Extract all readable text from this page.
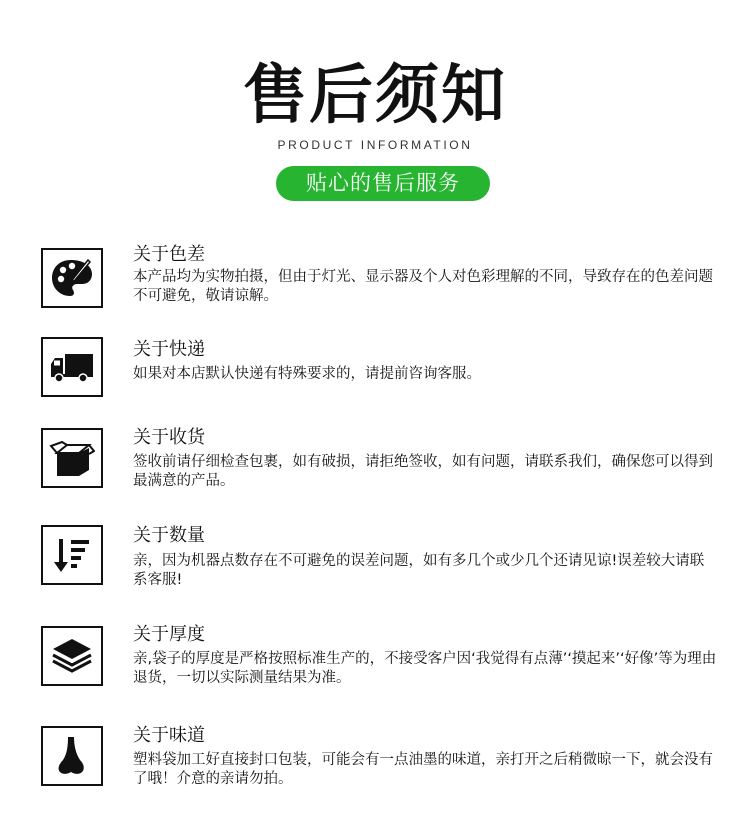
售后须知
PRODUCT INFORMATION
贴心的售后服务
关于色差
本产品均为实物拍摄，但由于灯光、显示器及个人对色彩理解的不同，导致存在的色差问题不可避免，敬请谅解。
关于快递
如果对本店默认快递有特殊要求的，请提前咨询客服。
关于收货
签收前请仔细检查包裹，如有破损，请拒绝签收，如有问题，请联系我们，确保您可以得到最满意的产品。
关于数量
亲，因为机器点数存在不可避免的误差问题，如有多几个或少几个还请见谅!误差较大请联系客服!
关于厚度
亲,袋子的厚度是严格按照标准生产的，不接受客户因‘我觉得有点薄’‘摸起来’‘好像’等为理由退货，一切以实际测量结果为准。
关于味道
塑料袋加工好直接封口包装，可能会有一点油墨的味道，亲打开之后稍微晾一下，就会没有了哦！介意的亲请勿拍。
